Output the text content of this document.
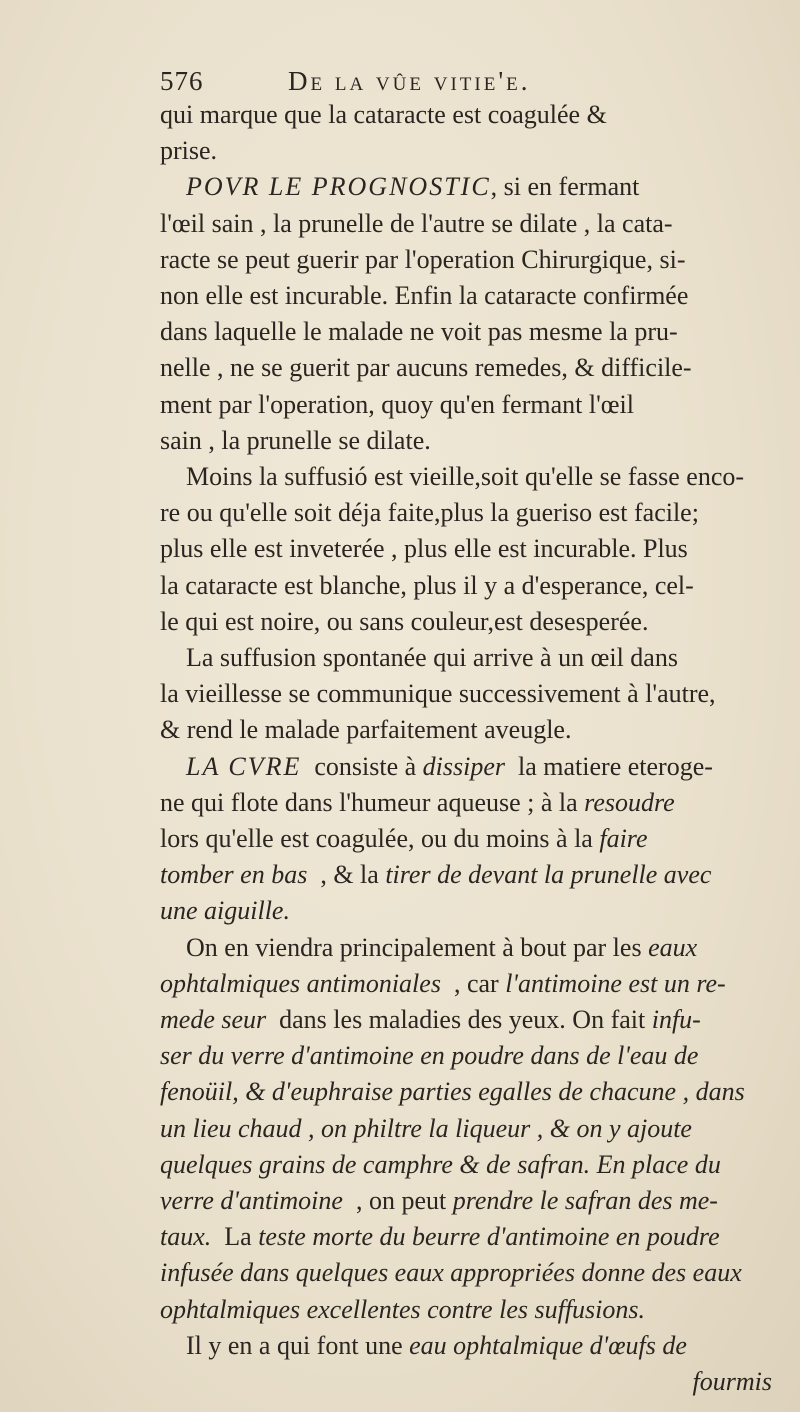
576	De la vûe vitie'e.
qui marque que la cataracte est coagulée &
prise.
POVR LE PROGNOSTIC, si en fermant
l'œil sain , la prunelle de l'autre se dilate , la cata-
racte se peut guerir par l'operation Chirurgique, si-
non elle est incurable. Enfin la cataracte confirmée
dans laquelle le malade ne voit pas mesme la pru-
nelle , ne se guerit par aucuns remedes, & difficile-
ment par l'operation, quoy qu'en fermant l'œil
sain , la prunelle se dilate.
Moins la suffusió est vieille,soit qu'elle se fasse enco-
re ou qu'elle soit déja faite,plus la gueriso est facile;
plus elle est inveterée , plus elle est incurable. Plus
la cataracte est blanche, plus il y a d'esperance, cel-
le qui est noire, ou sans couleur,est desesperée.
La suffusion spontanée qui arrive à un œil dans
la vieillesse se communique successivement à l'autre,
& rend le malade parfaitement aveugle.
LA CVRE  consiste à dissiper  la matiere eteroge-
ne qui flote dans l'humeur aqueuse ; à la resoudre
lors qu'elle est coagulée, ou du moins à la faire
tomber en bas  , & la tirer de devant la prunelle avec
une aiguille.
On en viendra principalement à bout par les eaux
ophtalmiques antimoniales  , car l'antimoine est un re-
mede seur  dans les maladies des yeux. On fait infu-
ser du verre d'antimoine en poudre dans de l'eau de
fenoüil, & d'euphraise parties egalles de chacune , dans
un lieu chaud , on philtre la liqueur , & on y ajoute
quelques grains de camphre & de safran. En place du
verre d'antimoine  , on peut prendre le safran des me-
taux.  La teste morte du beurre d'antimoine en poudre
infusée dans quelques eaux appropriées donne des eaux
ophtalmiques excellentes contre les suffusions.
Il y en a qui font une eau ophtalmique d'œufs de
fourmis
